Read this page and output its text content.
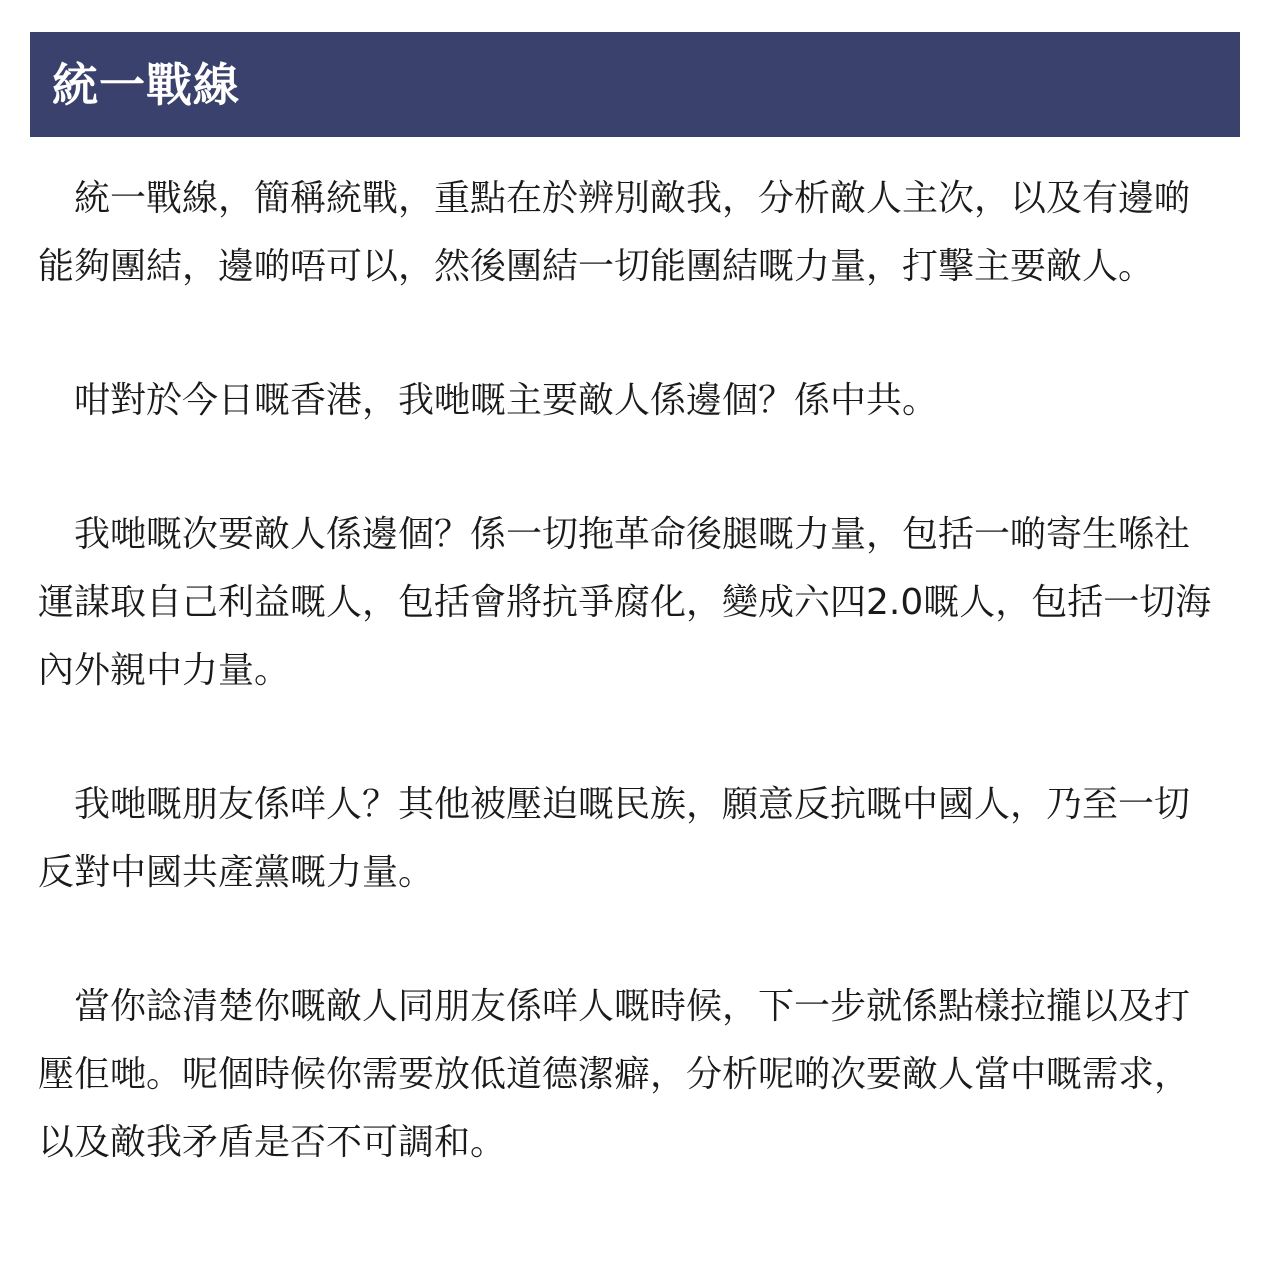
統一戰線

統一戰線，簡稱統戰，重點在於辨別敵我，分析敵人主次，以及有邊啲能夠團結，邊啲唔可以，然後團結一切能團結嘅力量，打擊主要敵人。

咁對於今日嘅香港，我哋嘅主要敵人係邊個？係中共。

我哋嘅次要敵人係邊個？係一切拖革命後腿嘅力量，包括一啲寄生喺社運謀取自己利益嘅人，包括會將抗爭腐化，變成六四2.0嘅人，包括一切海內外親中力量。

我哋嘅朋友係咩人？其他被壓迫嘅民族，願意反抗嘅中國人，乃至一切反對中國共產黨嘅力量。

當你諗清楚你嘅敵人同朋友係咩人嘅時候，下一步就係點樣拉攏以及打壓佢哋。呢個時候你需要放低道德潔癖，分析呢啲次要敵人當中嘅需求，以及敵我矛盾是否不可調和。
